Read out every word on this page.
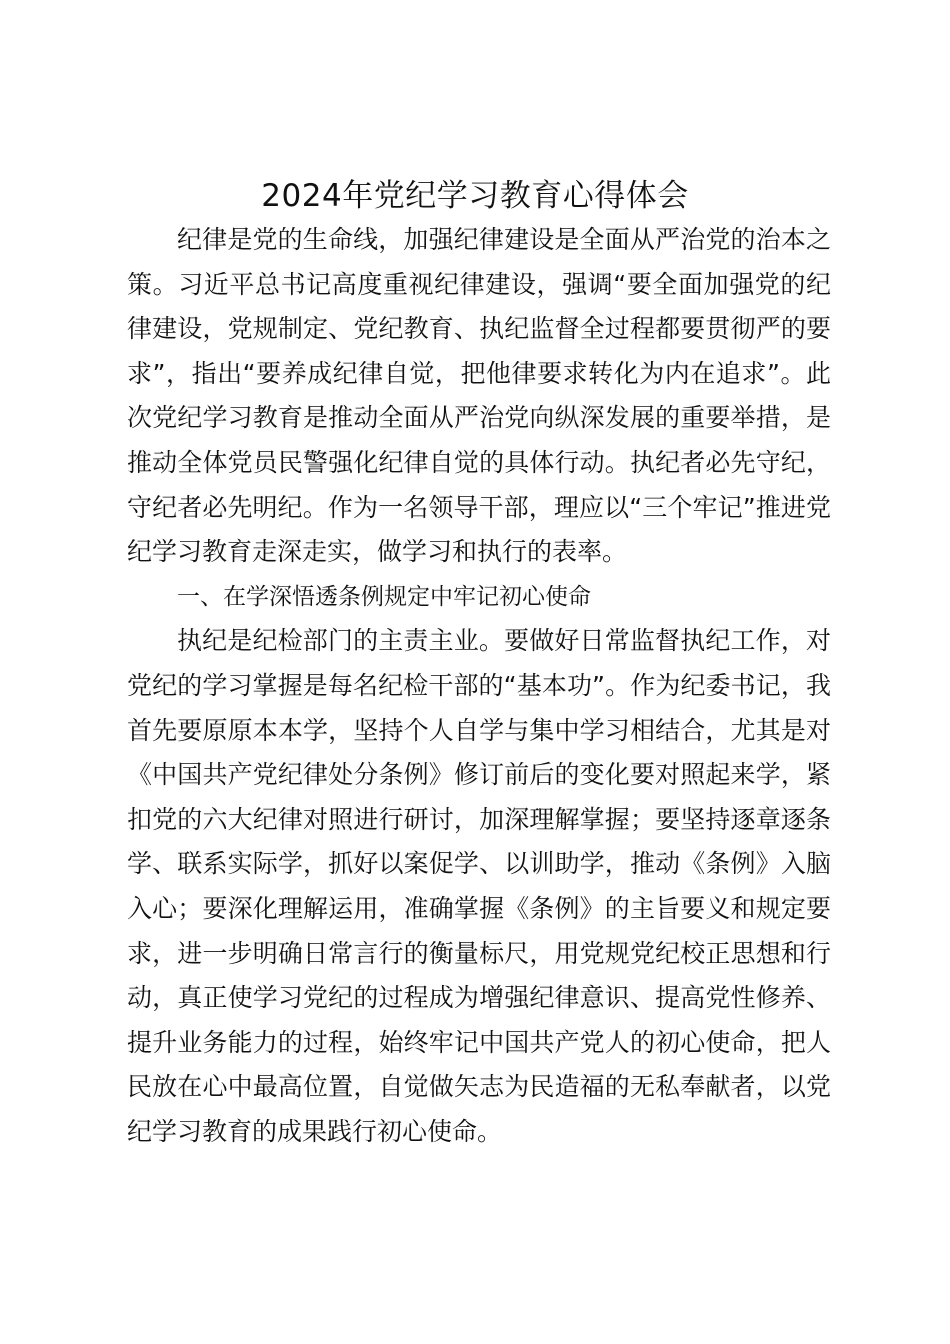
2024年党纪学习教育心得体会

纪律是党的生命线，加强纪律建设是全面从严治党的治本之策。习近平总书记高度重视纪律建设，强调“要全面加强党的纪律建设，党规制定、党纪教育、执纪监督全过程都要贯彻严的要求”，指出“要养成纪律自觉，把他律要求转化为内在追求”。此次党纪学习教育是推动全面从严治党向纵深发展的重要举措，是推动全体党员民警强化纪律自觉的具体行动。执纪者必先守纪，守纪者必先明纪。作为一名领导干部，理应以“三个牢记”推进党纪学习教育走深走实，做学习和执行的表率。

一、在学深悟透条例规定中牢记初心使命

执纪是纪检部门的主责主业。要做好日常监督执纪工作，对党纪的学习掌握是每名纪检干部的“基本功”。作为纪委书记，我首先要原原本本学，坚持个人自学与集中学习相结合，尤其是对《中国共产党纪律处分条例》修订前后的变化要对照起来学，紧扣党的六大纪律对照进行研讨，加深理解掌握；要坚持逐章逐条学、联系实际学，抓好以案促学、以训助学，推动《条例》入脑入心；要深化理解运用，准确掌握《条例》的主旨要义和规定要求，进一步明确日常言行的衡量标尺，用党规党纪校正思想和行动，真正使学习党纪的过程成为增强纪律意识、提高党性修养、提升业务能力的过程，始终牢记中国共产党人的初心使命，把人民放在心中最高位置，自觉做矢志为民造福的无私奉献者，以党纪学习教育的成果践行初心使命。
